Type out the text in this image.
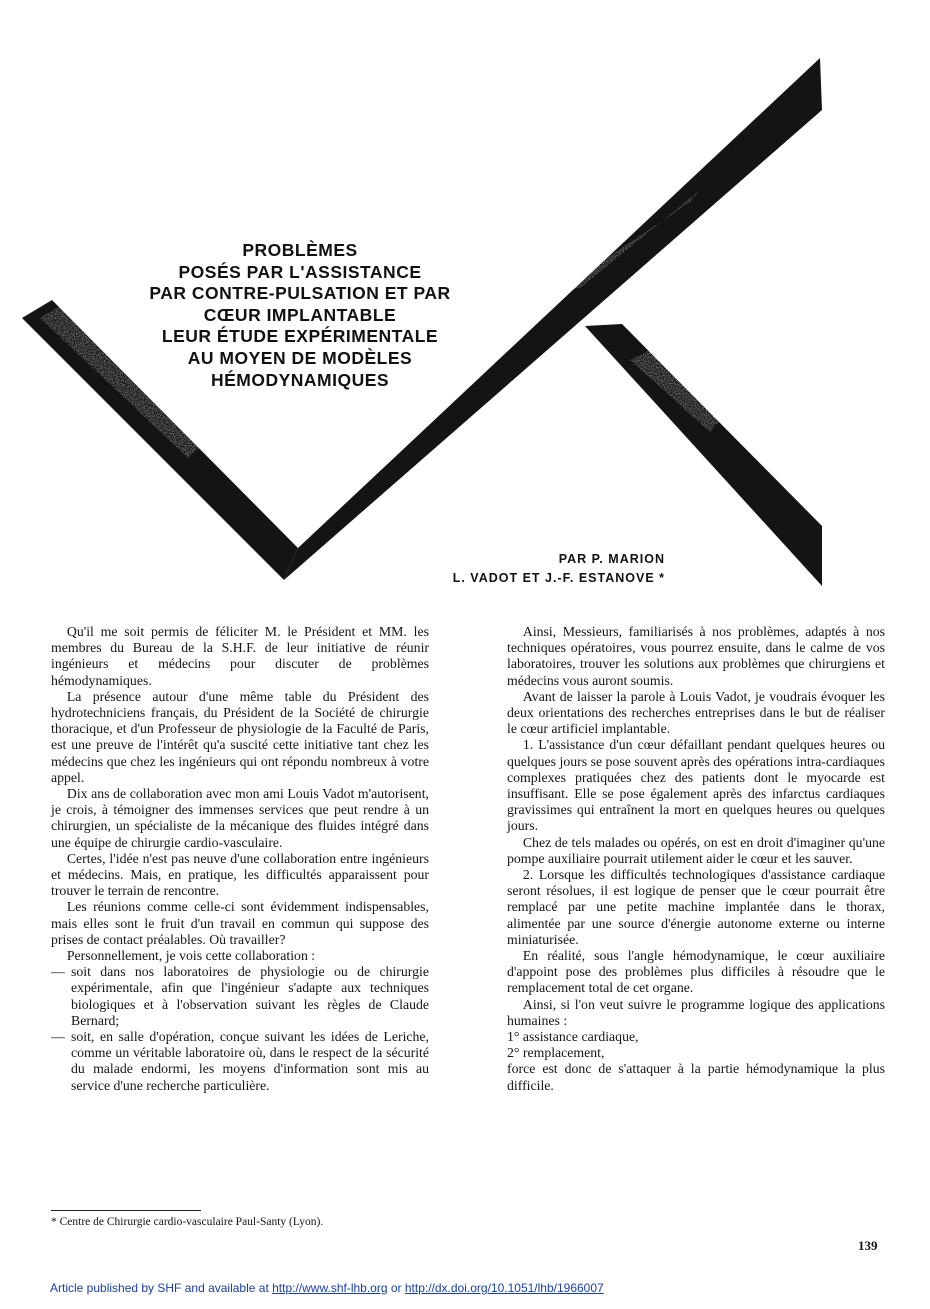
PROBLÈMES
POSÉS PAR L'ASSISTANCE
PAR CONTRE-PULSATION ET PAR
CŒUR IMPLANTABLE
LEUR ÉTUDE EXPÉRIMENTALE
AU MOYEN DE MODÈLES
HÉMODYNAMIQUES
PAR P. MARION
L. VADOT ET J.-F. ESTANOVE *

Qu'il me soit permis de féliciter M. le Président et MM. les membres du Bureau de la S.H.F. de leur initiative de réunir ingénieurs et médecins pour discuter de problèmes hémodynamiques.

La présence autour d'une même table du Président des hydrotechniciens français, du Président de la Société de chirurgie thoracique, et d'un Professeur de physiologie de la Faculté de Paris, est une preuve de l'intérêt qu'a suscité cette initiative tant chez les médecins que chez les ingénieurs qui ont répondu nombreux à votre appel.

Dix ans de collaboration avec mon ami Louis Vadot m'autorisent, je crois, à témoigner des immenses services que peut rendre à un chirurgien, un spécialiste de la mécanique des fluides intégré dans une équipe de chirurgie cardio-vasculaire.

Certes, l'idée n'est pas neuve d'une collaboration entre ingénieurs et médecins. Mais, en pratique, les difficultés apparaissent pour trouver le terrain de rencontre.

Les réunions comme celle-ci sont évidemment indispensables, mais elles sont le fruit d'un travail en commun qui suppose des prises de contact préalables. Où travailler?

Personnellement, je vois cette collaboration :

— soit dans nos laboratoires de physiologie ou de chirurgie expérimentale, afin que l'ingénieur s'adapte aux techniques biologiques et à l'observation suivant les règles de Claude Bernard;
— soit, en salle d'opération, conçue suivant les idées de Leriche, comme un véritable laboratoire où, dans le respect de la sécurité du malade endormi, les moyens d'information sont mis au service d'une recherche particulière.
* Centre de Chirurgie cardio-vasculaire Paul-Santy (Lyon).

Ainsi, Messieurs, familiarisés à nos problèmes, adaptés à nos techniques opératoires, vous pourrez ensuite, dans le calme de vos laboratoires, trouver les solutions aux problèmes que chirurgiens et médecins vous auront soumis.

Avant de laisser la parole à Louis Vadot, je voudrais évoquer les deux orientations des recherches entreprises dans le but de réaliser le cœur artificiel implantable.

1. L'assistance d'un cœur défaillant pendant quelques heures ou quelques jours se pose souvent après des opérations intra-cardiaques complexes pratiquées chez des patients dont le myocarde est insuffisant. Elle se pose également après des infarctus cardiaques gravissimes qui entraînent la mort en quelques heures ou quelques jours.

Chez de tels malades ou opérés, on est en droit d'imaginer qu'une pompe auxiliaire pourrait utilement aider le cœur et les sauver.

2. Lorsque les difficultés technologiques d'assistance cardiaque seront résolues, il est logique de penser que le cœur pourrait être remplacé par une petite machine implantée dans le thorax, alimentée par une source d'énergie autonome externe ou interne miniaturisée.

En réalité, sous l'angle hémodynamique, le cœur auxiliaire d'appoint pose des problèmes plus difficiles à résoudre que le remplacement total de cet organe.

Ainsi, si l'on veut suivre le programme logique des applications humaines :

1° assistance cardiaque,

2° remplacement,

force est donc de s'attaquer à la partie hémodynamique la plus difficile.

139
Article published by SHF and available at http://www.shf-lhb.org or http://dx.doi.org/10.1051/lhb/1966007
